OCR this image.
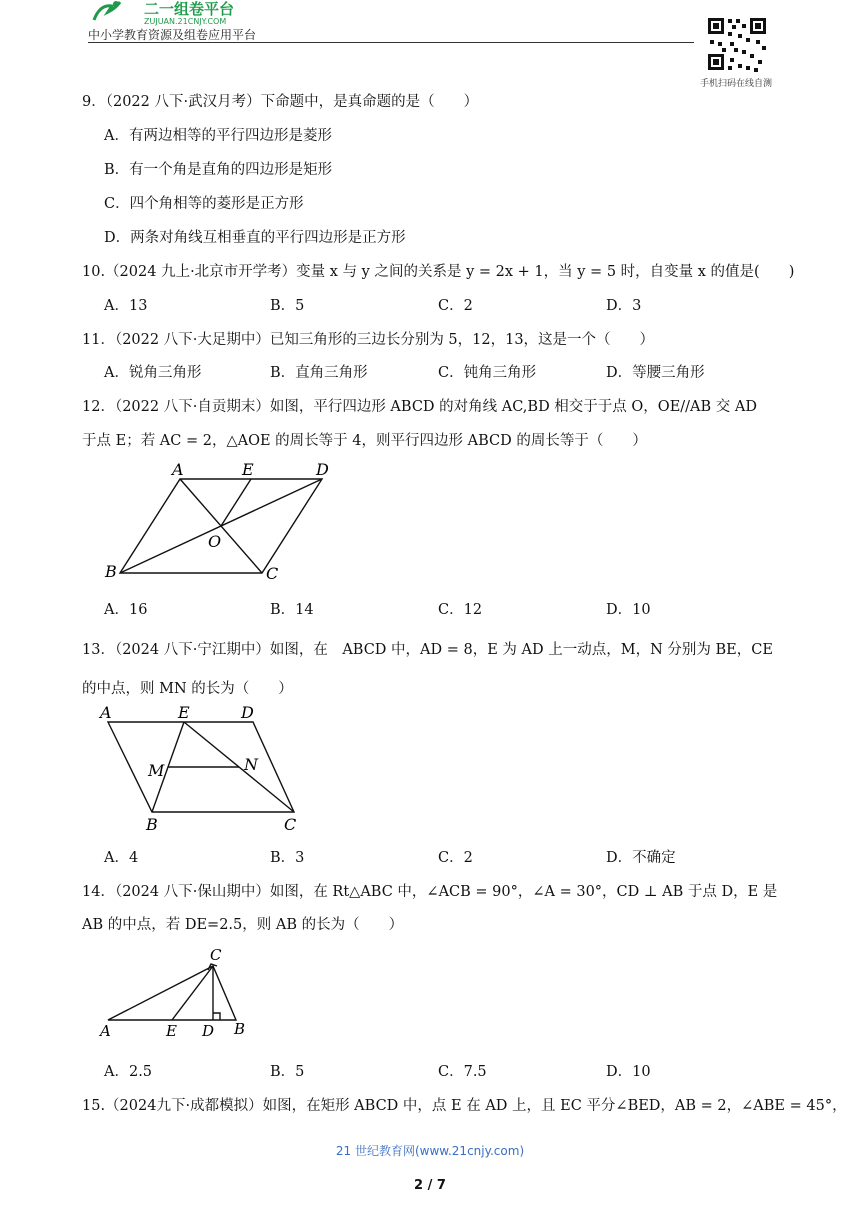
二一组卷平台
ZUJUAN.21CNJY.COM
中小学教育资源及组卷应用平台
手机扫码在线自测
9．（2022 八下·武汉月考）下命题中，是真命题的是（　　）
A．有两边相等的平行四边形是菱形
B．有一个角是直角的四边形是矩形
C．四个角相等的菱形是正方形
D．两条对角线互相垂直的平行四边形是正方形
10.（2024 九上·北京市开学考）变量 x 与 y 之间的关系是 y = 2x + 1，当 y = 5 时，自变量 x 的值是(　　)
A．13	B．5	C．2	D．3
11．（2022 八下·大足期中）已知三角形的三边长分别为 5，12，13，这是一个（　　）
A．锐角三角形	B．直角三角形	C．钝角三角形	D．等腰三角形
12．（2022 八下·自贡期末）如图，平行四边形 ABCD 的对角线 AC,BD 相交于于点 O，OE//AB 交 AD
于点 E；若 AC = 2，△AOE 的周长等于 4，则平行四边形 ABCD 的周长等于（　　）
A	E	D
O
B	C
A．16	B．14	C．12	D．10
13．（2024 八下·宁江期中）如图，在　ABCD 中，AD = 8，E 为 AD 上一动点，M，N 分别为 BE，CE
的中点，则 MN 的长为（　　）
A	E	D
M	N
B	C
A．4	B．3	C．2	D．不确定
14．（2024 八下·保山期中）如图，在 Rt△ABC 中，∠ACB = 90°，∠A = 30°，CD ⊥ AB 于点 D，E 是
AB 的中点，若 DE=2.5，则 AB 的长为（　　）
C
A	E D B
A．2.5	B．5	C．7.5	D．10
15.（2024九下·成都模拟）如图，在矩形 ABCD 中，点 E 在 AD 上，且 EC 平分∠BED，AB = 2，∠ABE = 45°，
21 世纪教育网(www.21cnjy.com)
2 / 7
